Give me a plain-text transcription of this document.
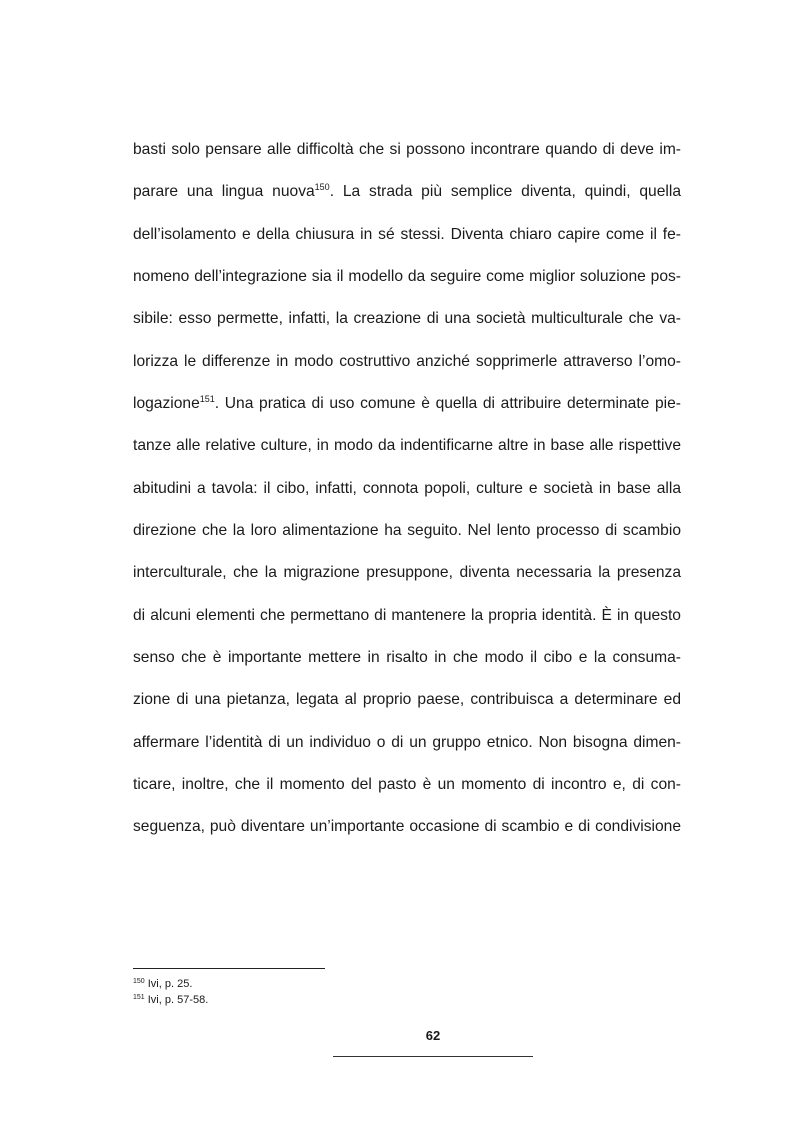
basti solo pensare alle difficoltà che si possono incontrare quando di deve im-
parare una lingua nuova$^{150}$. La strada più semplice diventa, quindi, quella
dell’isolamento e della chiusura in sé stessi. Diventa chiaro capire come il fe-
nomeno dell’integrazione sia il modello da seguire come miglior soluzione pos-
sibile: esso permette, infatti, la creazione di una società multiculturale che va-
lorizza le differenze in modo costruttivo anziché sopprimerle attraverso l’omo-
logazione$^{151}$. Una pratica di uso comune è quella di attribuire determinate pie-
tanze alle relative culture, in modo da indentificarne altre in base alle rispettive
abitudini a tavola: il cibo, infatti, connota popoli, culture e società in base alla
direzione che la loro alimentazione ha seguito. Nel lento processo di scambio
interculturale, che la migrazione presuppone, diventa necessaria la presenza
di alcuni elementi che permettano di mantenere la propria identità. È in questo
senso che è importante mettere in risalto in che modo il cibo e la consuma-
zione di una pietanza, legata al proprio paese, contribuisca a determinare ed
affermare l’identità di un individuo o di un gruppo etnico. Non bisogna dimen-
ticare, inoltre, che il momento del pasto è un momento di incontro e, di con-
seguenza, può diventare un’importante occasione di scambio e di condivisione
$^{150}$ Ivi, p. 25.
$^{151}$ Ivi, p. 57-58.
62
